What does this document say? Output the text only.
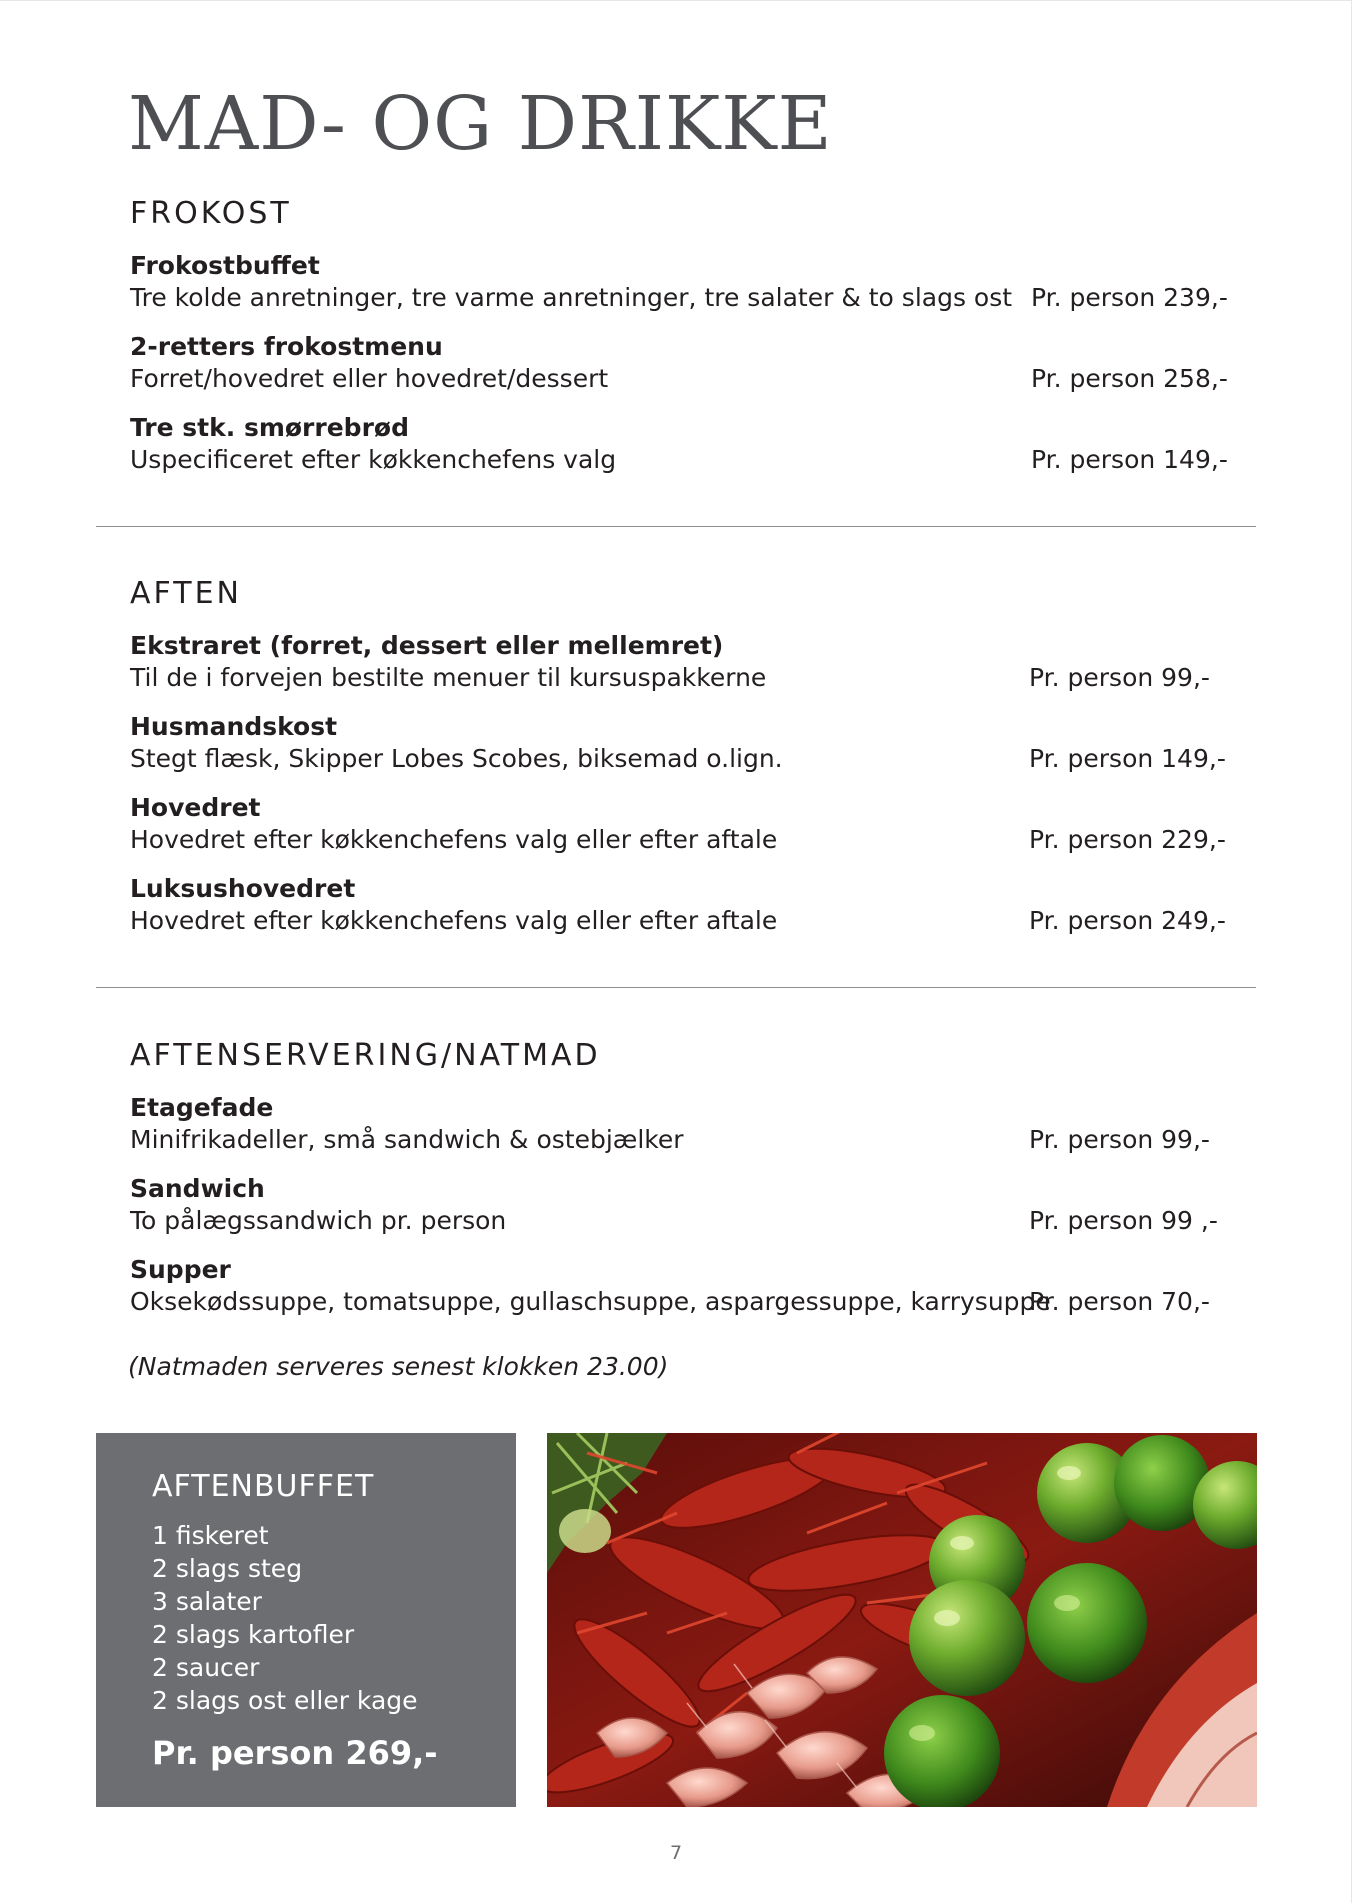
MAD- OG DRIKKE
FROKOST
Frokostbuffet
Tre kolde anretninger, tre varme anretninger, tre salater & to slags ost Pr. person 239,-
2-retters frokostmenu
Forret/hovedret eller hovedret/dessert	Pr. person 258,-
Tre stk. smørrebrød
Uspecificeret efter køkkenchefens valg	Pr. person 149,-
AFTEN
Ekstraret (forret, dessert eller mellemret)
Til de i forvejen bestilte menuer til kursuspakkerne	Pr. person 99,-
Husmandskost
Stegt flæsk, Skipper Lobes Scobes, biksemad o.lign.	Pr. person 149,-
Hovedret
Hovedret efter køkkenchefens valg eller efter aftale	Pr. person 229,-
Luksushovedret
Hovedret efter køkkenchefens valg eller efter aftale	Pr. person 249,-
AFTENSERVERING/NATMAD
Etagefade
Minifrikadeller, små sandwich & ostebjælker	Pr. person 99,-
Sandwich
To pålægssandwich pr. person	Pr. person 99 ,-
Supper
Oksekødssuppe, tomatsuppe, gullaschsuppe, aspargessuppe, karrysuppe
Pr. person 70,-
(Natmaden serveres senest klokken 23.00)
AFTENBUFFET
1 fiskeret
2 slags steg
3 salater
2 slags kartofler
2 saucer
2 slags ost eller kage
Pr. person 269,-
7
